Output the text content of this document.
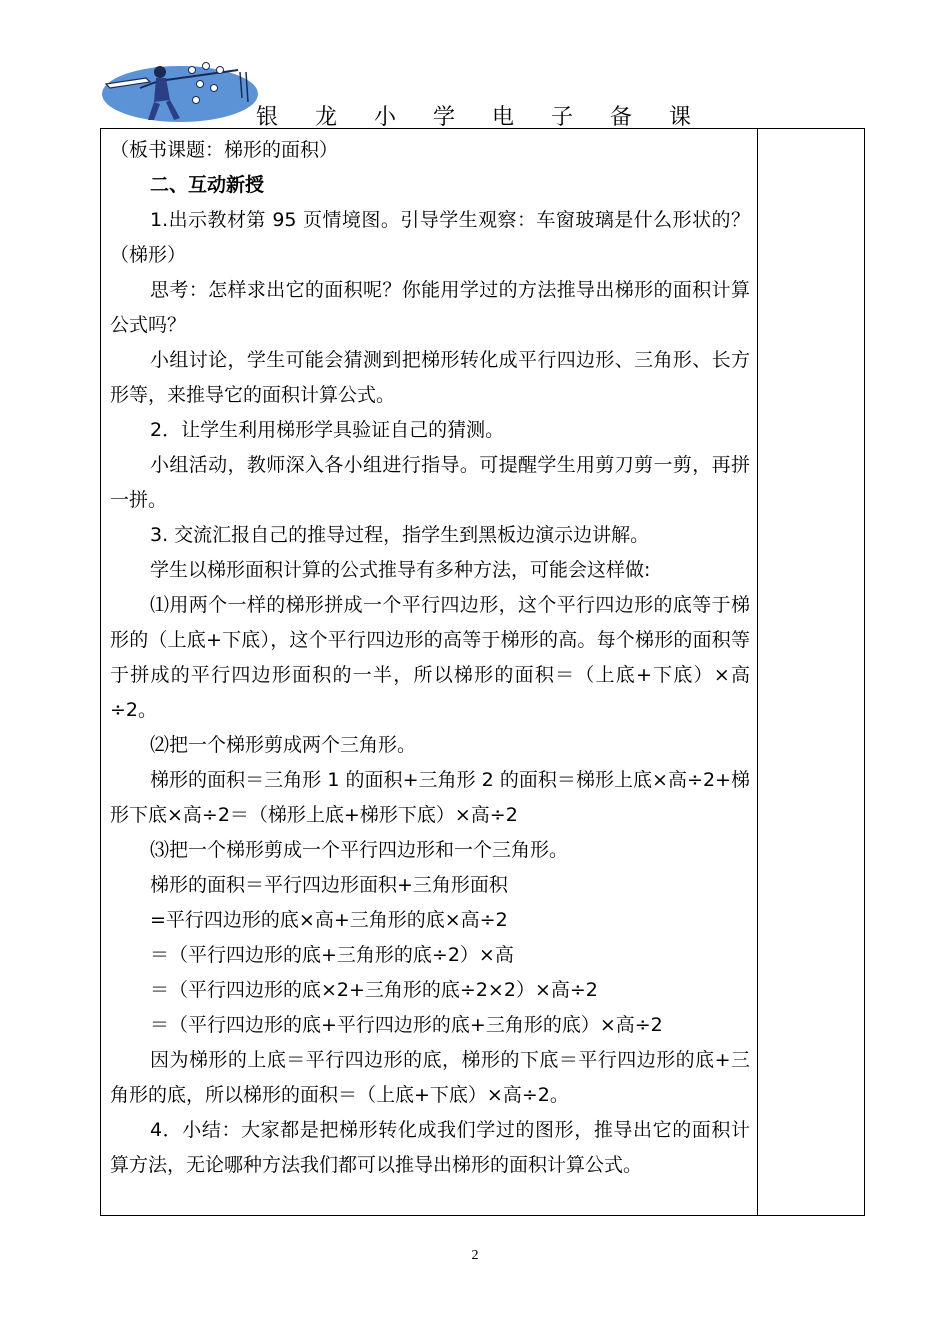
银 龙 小 学 电 子 备 课

（板书课题：梯形的面积）

二、互动新授

1.出示教材第 95 页情境图。引导学生观察：车窗玻璃是什么形状的？（梯形）

思考：怎样求出它的面积呢？你能用学过的方法推导出梯形的面积计算公式吗？

小组讨论，学生可能会猜测到把梯形转化成平行四边形、三角形、长方形等，来推导它的面积计算公式。

2．让学生利用梯形学具验证自己的猜测。

小组活动，教师深入各小组进行指导。可提醒学生用剪刀剪一剪，再拼一拼。

3. 交流汇报自己的推导过程，指学生到黑板边演示边讲解。

学生以梯形面积计算的公式推导有多种方法，可能会这样做:

⑴用两个一样的梯形拼成一个平行四边形，这个平行四边形的底等于梯形的（上底+下底），这个平行四边形的高等于梯形的高。每个梯形的面积等于拼成的平行四边形面积的一半，所以梯形的面积＝（上底+下底）×高÷2。

⑵把一个梯形剪成两个三角形。

梯形的面积＝三角形 1 的面积+三角形 2 的面积＝梯形上底×高÷2+梯形下底×高÷2＝（梯形上底+梯形下底）×高÷2

⑶把一个梯形剪成一个平行四边形和一个三角形。

梯形的面积＝平行四边形面积+三角形面积

=平行四边形的底×高+三角形的底×高÷2

＝（平行四边形的底+三角形的底÷2）×高

＝（平行四边形的底×2+三角形的底÷2×2）×高÷2

＝（平行四边形的底+平行四边形的底+三角形的底）×高÷2

因为梯形的上底＝平行四边形的底，梯形的下底＝平行四边形的底+三角形的底，所以梯形的面积＝（上底+下底）×高÷2。

4．小结：大家都是把梯形转化成我们学过的图形，推导出它的面积计算方法，无论哪种方法我们都可以推导出梯形的面积计算公式。

2
